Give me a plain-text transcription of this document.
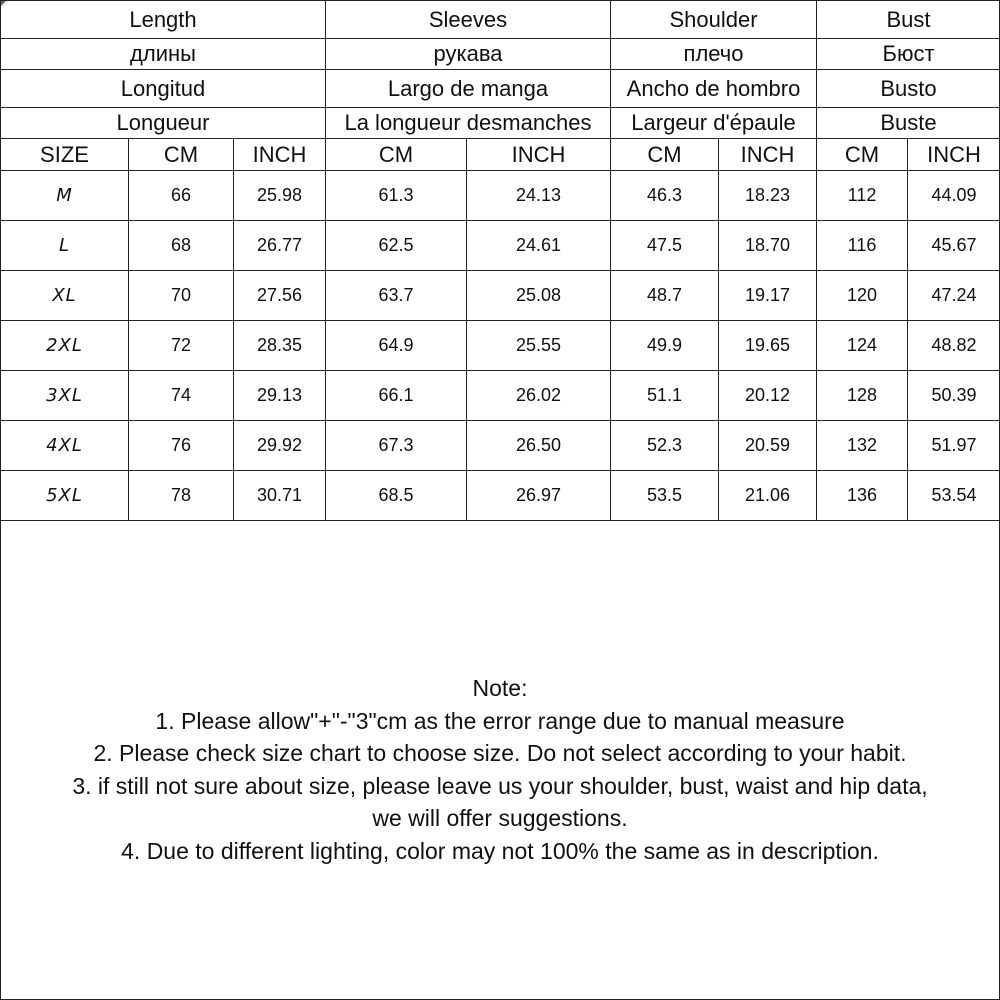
Length			Sleeves		Shoulder		Bust	
длины			рукава		плечо		Бюст	
Longitud			Largo de manga		Ancho de hombro		Busto	
Longueur			La longueur desmanches		Largeur d'épaule		Buste	
SIZE	CM	INCH	CM	INCH	CM	INCH	CM	INCH
M	66	25.98	61.3	24.13	46.3	18.23	112	44.09
L	68	26.77	62.5	24.61	47.5	18.70	116	45.67
XL	70	27.56	63.7	25.08	48.7	19.17	120	47.24
2XL	72	28.35	64.9	25.55	49.9	19.65	124	48.82
3XL	74	29.13	66.1	26.02	51.1	20.12	128	50.39
4XL	76	29.92	67.3	26.50	52.3	20.59	132	51.97
5XL	78	30.71	68.5	26.97	53.5	21.06	136	53.54
Note:
1. Please allow"+"-"3"cm as the error range due to manual measure
2. Please check size chart to choose size. Do not select according to your habit.
3. if still not sure about size, please leave us your shoulder, bust, waist and hip data,
we will offer suggestions.
4. Due to different lighting, color may not 100% the same as in description.
